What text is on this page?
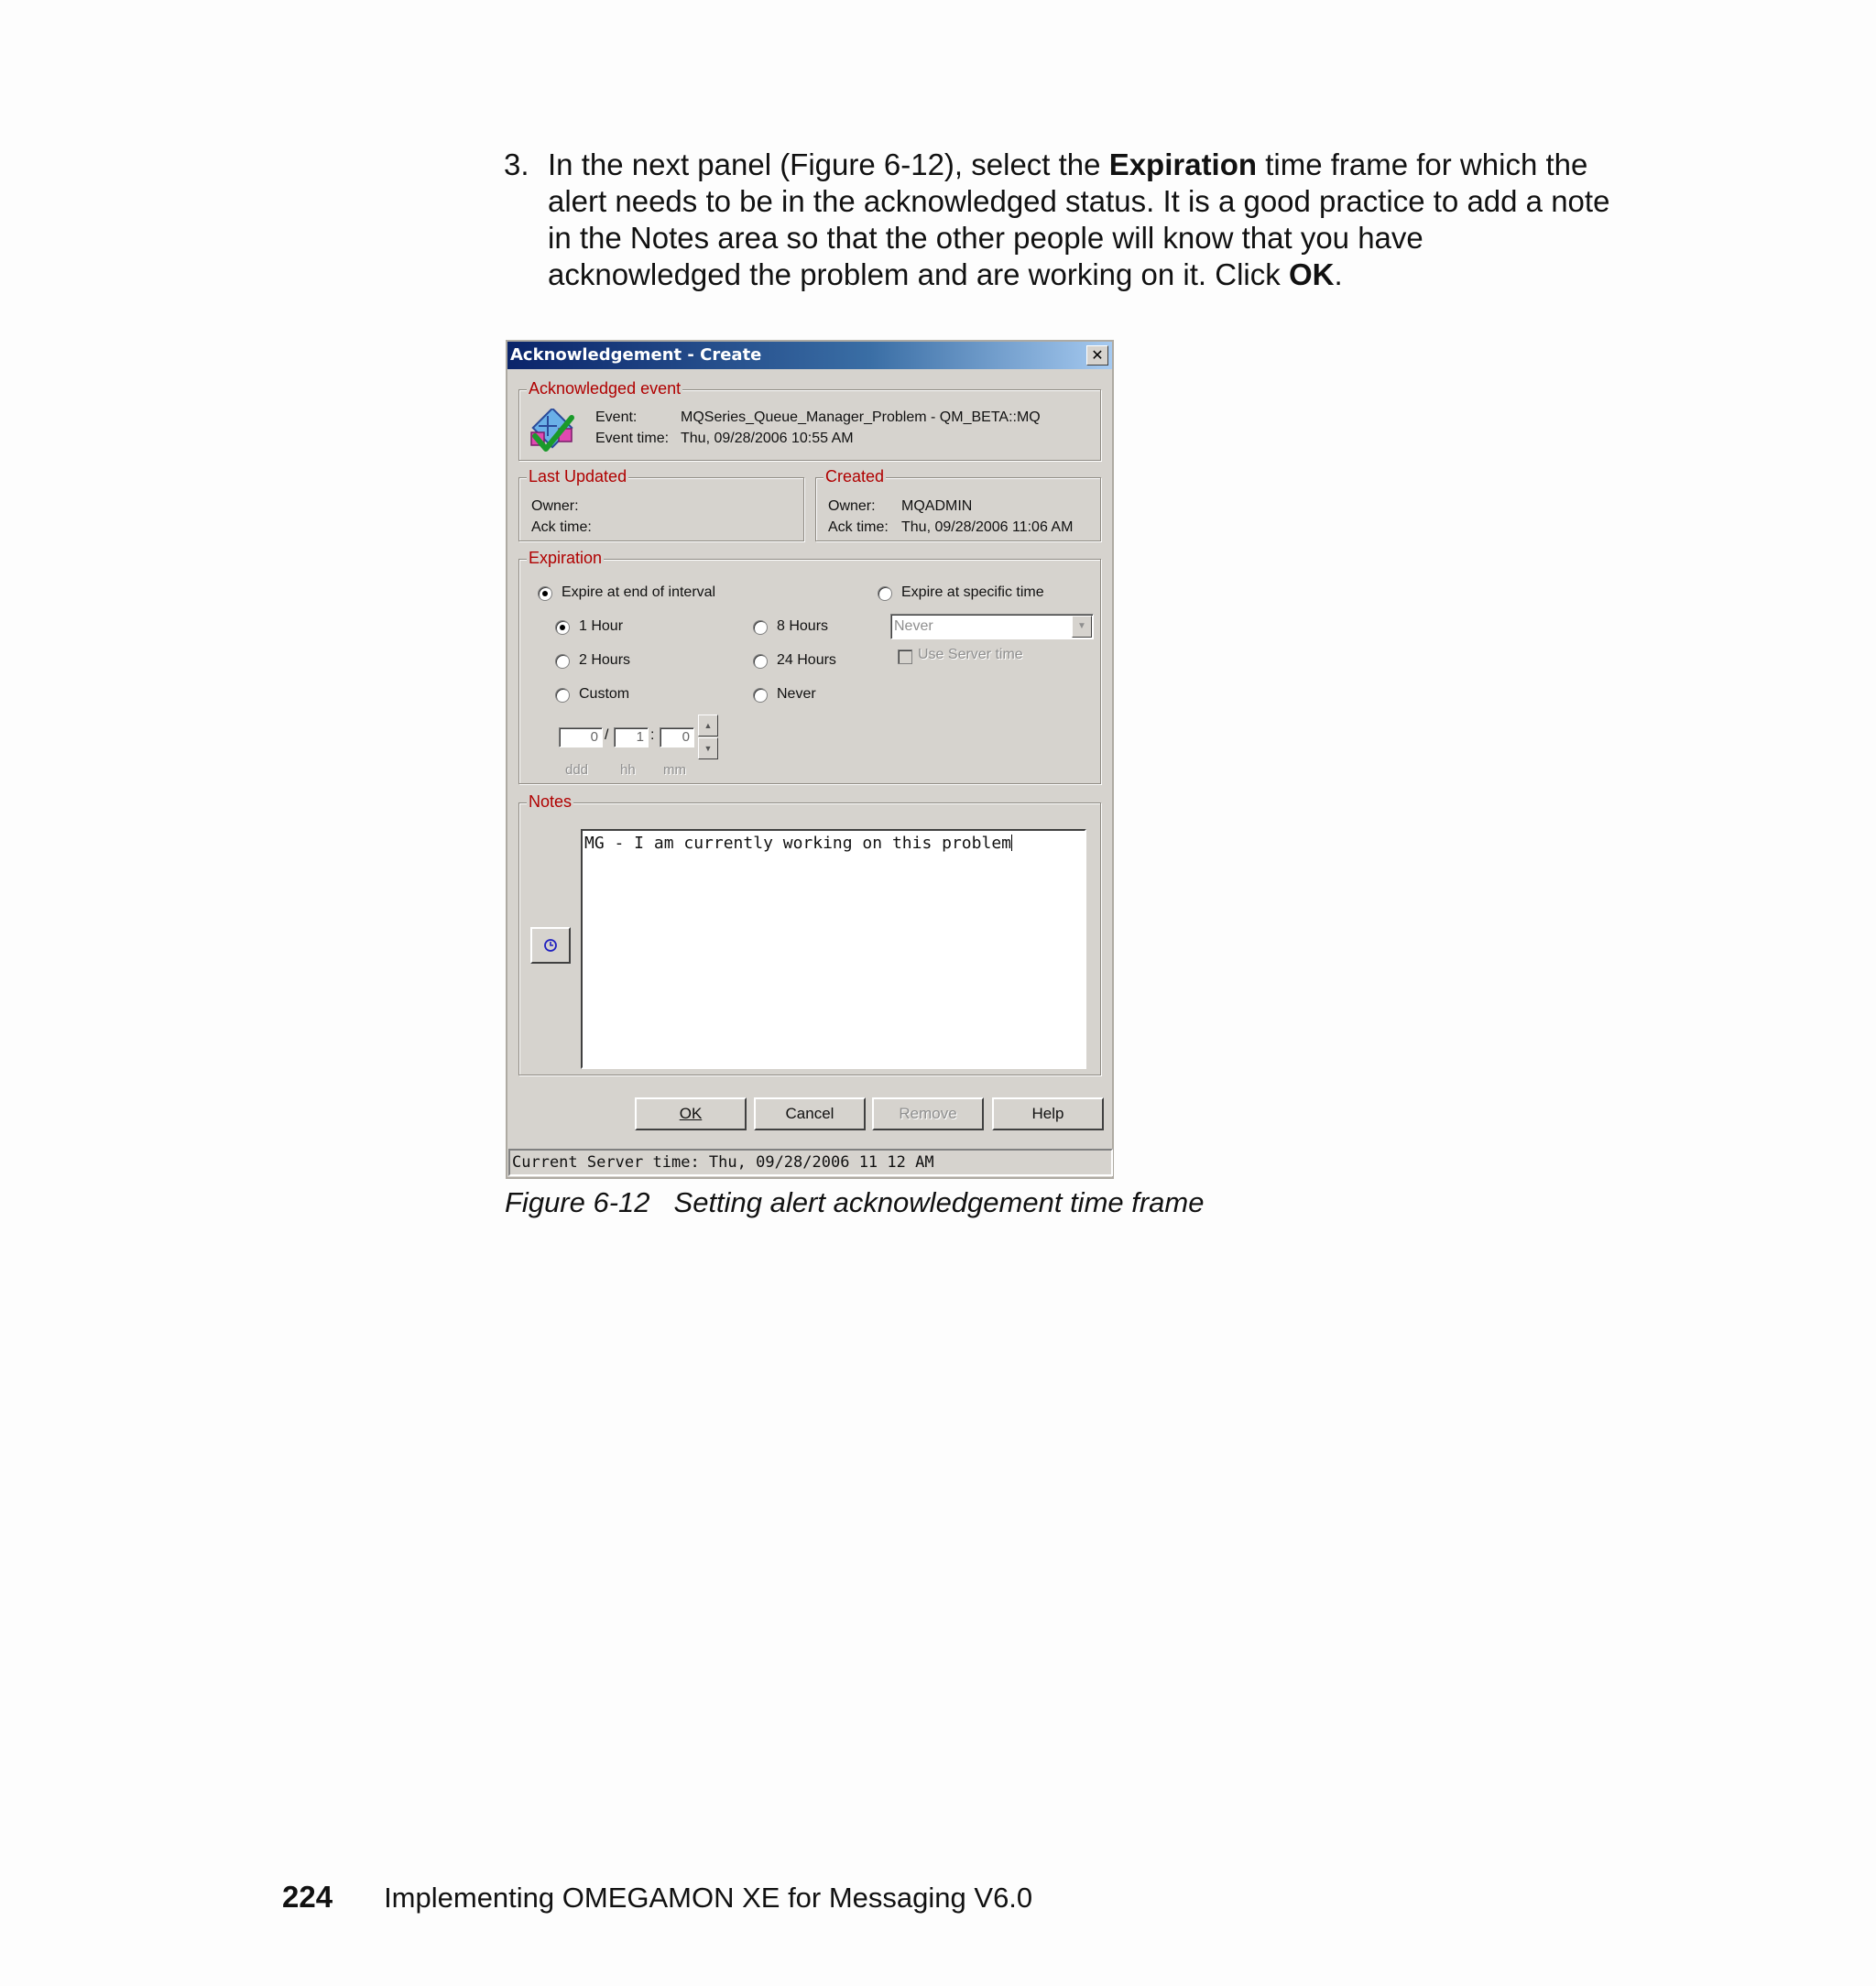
3. In the next panel (Figure 6-12), select the Expiration time frame for which the alert needs to be in the acknowledged status. It is a good practice to add a note in the Notes area so that the other people will know that you have acknowledged the problem and are working on it. Click OK.
Acknowledgement - Create	✕
Acknowledged event
Event:	MQSeries_Queue_Manager_Problem - QM_BETA::MQ
Event time: Thu, 09/28/2006 10:55 AM
Last Updated
Owner:
Ack time:
Created
Owner: MQADMIN
Ack time: Thu, 09/28/2006 11:06 AM
Expiration
Expire at end of interval	Expire at specific time
1 Hour
2 Hours
Custom
8 Hours
24 Hours
Never
0 /	1 :	0
▲
▼
ddd hh mm
Never	▼
Use Server time
Notes
MG - I am currently working on this problem
OK	Cancel	Remove	Help
Current Server time: Thu, 09/28/2006 11 12 AM
Figure 6-12 Setting alert acknowledgement time frame
224 Implementing OMEGAMON XE for Messaging V6.0
